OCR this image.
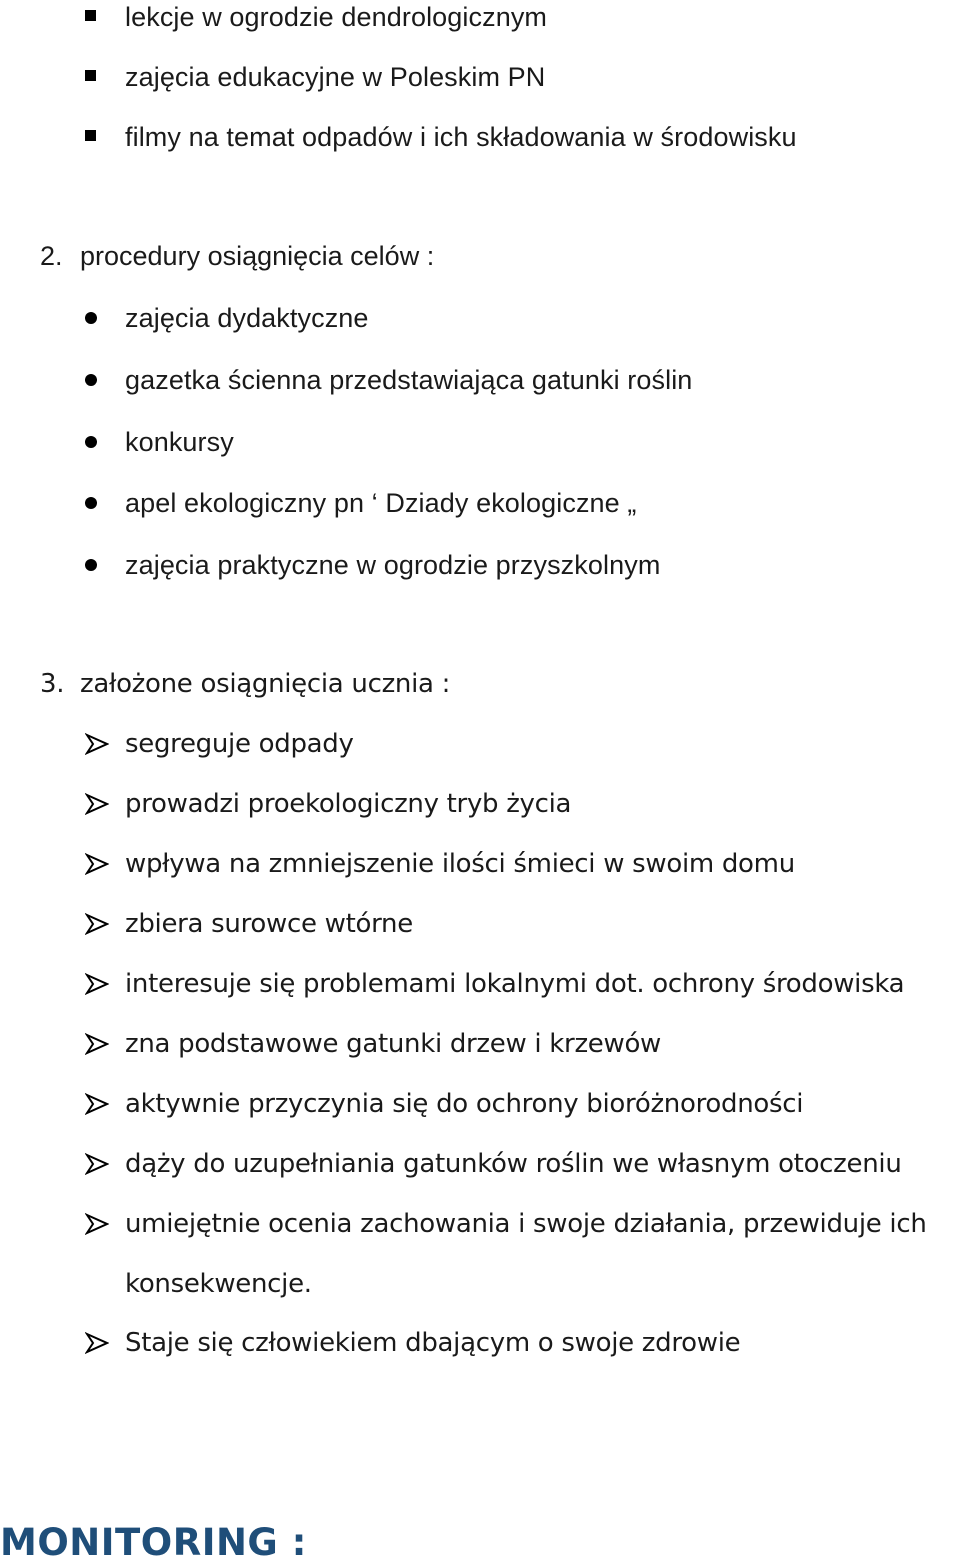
lekcje w ogrodzie dendrologicznym
zajęcia edukacyjne w Poleskim PN
filmy na temat odpadów i ich składowania w środowisku
2. procedury osiągnięcia celów :
zajęcia dydaktyczne
gazetka ścienna przedstawiająca gatunki roślin
konkursy
apel ekologiczny pn ‘ Dziady ekologiczne „
zajęcia praktyczne w ogrodzie przyszkolnym
3. założone osiągnięcia ucznia :
segreguje odpady
prowadzi proekologiczny tryb życia
wpływa na zmniejszenie ilości śmieci w swoim domu
zbiera surowce wtórne
interesuje się problemami lokalnymi dot. ochrony środowiska
zna podstawowe gatunki drzew i krzewów
aktywnie przyczynia się do ochrony bioróżnorodności
dąży do uzupełniania gatunków roślin we własnym otoczeniu
umiejętnie ocenia zachowania i swoje działania, przewiduje ich
konsekwencje.
Staje się człowiekiem dbającym o swoje zdrowie
MONITORING :
